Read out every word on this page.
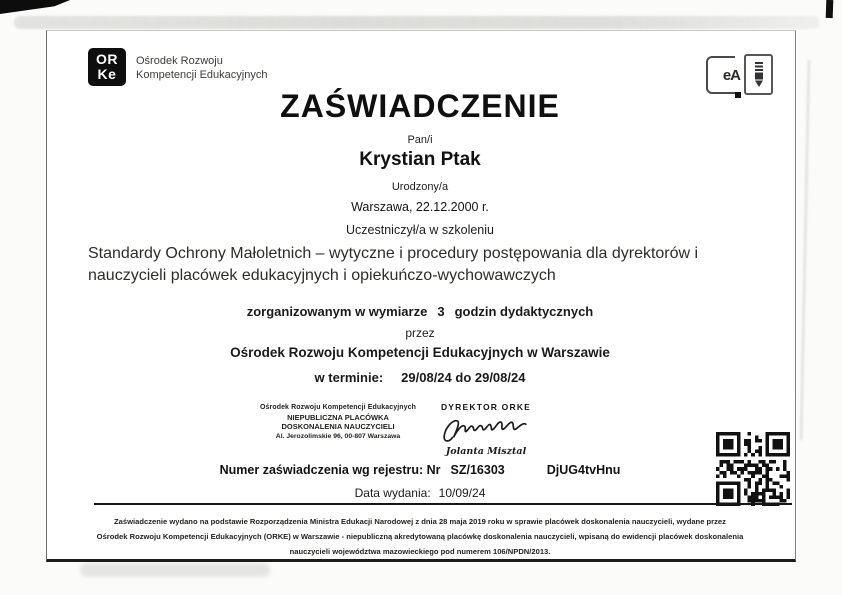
OR
Ke
Ośrodek Rozwoju
Kompetencji Edukacyjnych	eA
ZAŚWIADCZENIE
Pan/i
Krystian Ptak
Urodzony/a
Warszawa, 22.12.2000 r.
Uczestniczył/a w szkoleniu
Standardy Ochrony Małoletnich – wytyczne i procedury postępowania dla dyrektorów i nauczycieli placówek edukacyjnych i opiekuńczo-wychowawczych
zorganizowanym w wymiarze 3 godzin dydaktycznych
przez
Ośrodek Rozwoju Kompetencji Edukacyjnych w Warszawie
w terminie: 29/08/24 do 29/08/24
Ośrodek Rozwoju Kompetencji Edukacyjnych
NIEPUBLICZNA PLACÓWKA
DOSKONALENIA NAUCZYCIELI
Al. Jerozolimskie 96, 00-807 Warszawa
DYREKTOR ORKE
Jolanta Misztal
Numer zaświadczenia wg rejestru: Nr SZ/16303	DjUG4tvHnu
Data wydania: 10/09/24
Zaświadczenie wydano na podstawie Rozporządzenia Ministra Edukacji Narodowej z dnia 28 maja 2019 roku w sprawie placówek doskonalenia nauczycieli, wydane przez
Ośrodek Rozwoju Kompetencji Edukacyjnych (ORKE) w Warszawie - niepubliczną akredytowaną placówkę doskonalenia nauczycieli, wpisaną do ewidencji placówek doskonalenia
nauczycieli województwa mazowieckiego pod numerem 106/NPDN/2013.
